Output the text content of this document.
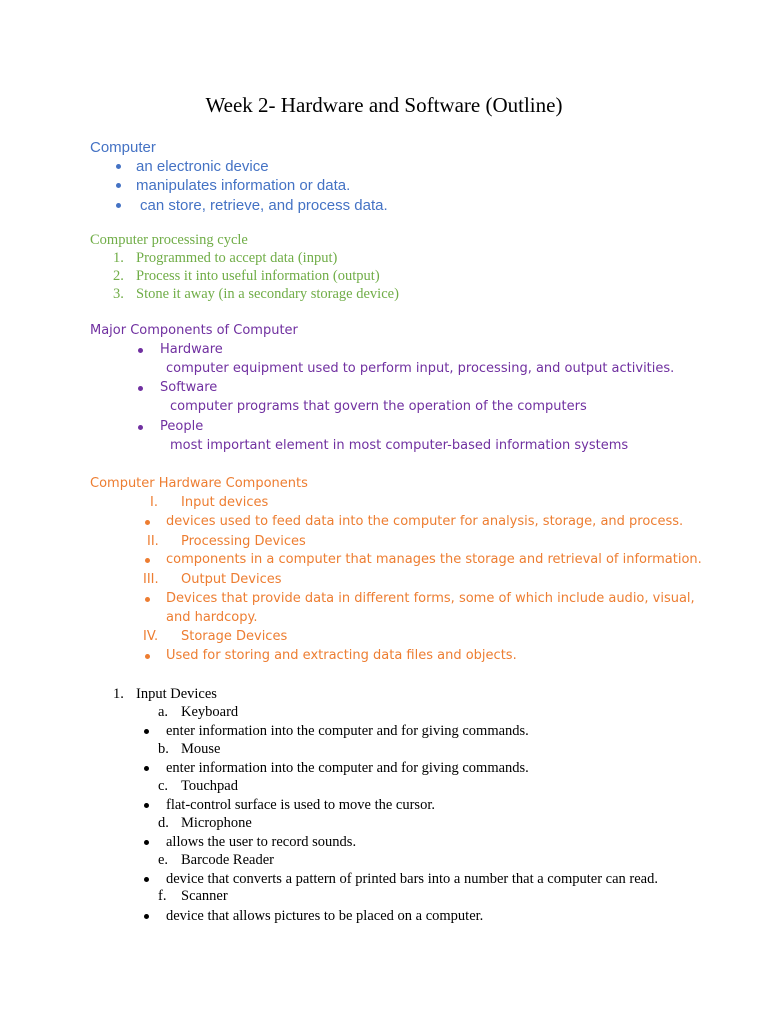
Week 2- Hardware and Software (Outline)
Computer
an electronic device
manipulates information or data.
can store, retrieve, and process data.
Computer processing cycle
1. Programmed to accept data (input)
2. Process it into useful information (output)
3. Stone it away (in a secondary storage device)
Major Components of Computer
Hardware
computer equipment used to perform input, processing, and output activities.
Software
computer programs that govern the operation of the computers
People
most important element in most computer-based information systems
Computer Hardware Components
I. Input devices
devices used to feed data into the computer for analysis, storage, and process.
II. Processing Devices
components in a computer that manages the storage and retrieval of information.
III. Output Devices
Devices that provide data in different forms, some of which include audio, visual,
and hardcopy.
IV. Storage Devices
Used for storing and extracting data files and objects.
1. Input Devices
a. Keyboard
enter information into the computer and for giving commands.
b. Mouse
enter information into the computer and for giving commands.
c. Touchpad
flat-control surface is used to move the cursor.
d. Microphone
allows the user to record sounds.
e. Barcode Reader
device that converts a pattern of printed bars into a number that a computer can read.
f. Scanner
device that allows pictures to be placed on a computer.
